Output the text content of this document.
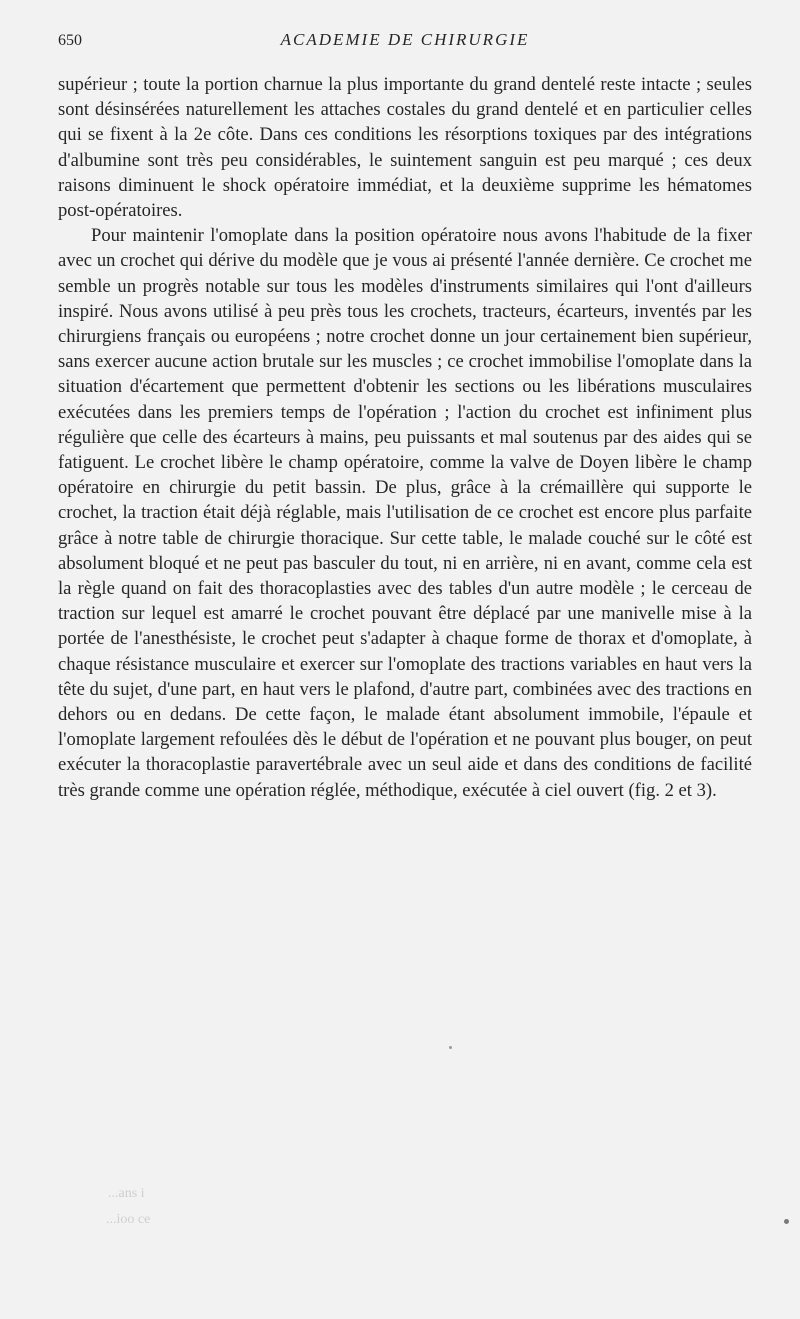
650	ACADEMIE DE CHIRURGIE

supérieur ; toute la portion charnue la plus importante du grand dentelé reste intacte ; seules sont désinsérées naturellement les attaches costales du grand dentelé et en particulier celles qui se fixent à la 2e côte. Dans ces conditions les résorptions toxiques par des intégrations d'albumine sont très peu considérables, le suintement sanguin est peu marqué ; ces deux raisons diminuent le shock opératoire immédiat, et la deuxième supprime les hématomes post-opératoires.

Pour maintenir l'omoplate dans la position opératoire nous avons l'habitude de la fixer avec un crochet qui dérive du modèle que je vous ai présenté l'année dernière. Ce crochet me semble un progrès notable sur tous les modèles d'instruments similaires qui l'ont d'ailleurs inspiré. Nous avons utilisé à peu près tous les crochets, tracteurs, écarteurs, inventés par les chirurgiens français ou européens ; notre crochet donne un jour certainement bien supérieur, sans exercer aucune action brutale sur les muscles ; ce crochet immobilise l'omoplate dans la situation d'écartement que permettent d'obtenir les sections ou les libérations musculaires exécutées dans les premiers temps de l'opération ; l'action du crochet est infiniment plus régulière que celle des écarteurs à mains, peu puissants et mal soutenus par des aides qui se fatiguent. Le crochet libère le champ opératoire, comme la valve de Doyen libère le champ opératoire en chirurgie du petit bassin. De plus, grâce à la crémaillère qui supporte le crochet, la traction était déjà réglable, mais l'utilisation de ce crochet est encore plus parfaite grâce à notre table de chirurgie thoracique. Sur cette table, le malade couché sur le côté est absolument bloqué et ne peut pas basculer du tout, ni en arrière, ni en avant, comme cela est la règle quand on fait des thoracoplasties avec des tables d'un autre modèle ; le cerceau de traction sur lequel est amarré le crochet pouvant être déplacé par une manivelle mise à la portée de l'anesthésiste, le crochet peut s'adapter à chaque forme de thorax et d'omoplate, à chaque résistance musculaire et exercer sur l'omoplate des tractions variables en haut vers la tête du sujet, d'une part, en haut vers le plafond, d'autre part, combinées avec des tractions en dehors ou en dedans. De cette façon, le malade étant absolument immobile, l'épaule et l'omoplate largement refoulées dès le début de l'opération et ne pouvant plus bouger, on peut exécuter la thoracoplastie paravertébrale avec un seul aide et dans des conditions de facilité très grande comme une opération réglée, méthodique, exécutée à ciel ouvert (fig. 2 et 3).

...ans i
...ioo ce
